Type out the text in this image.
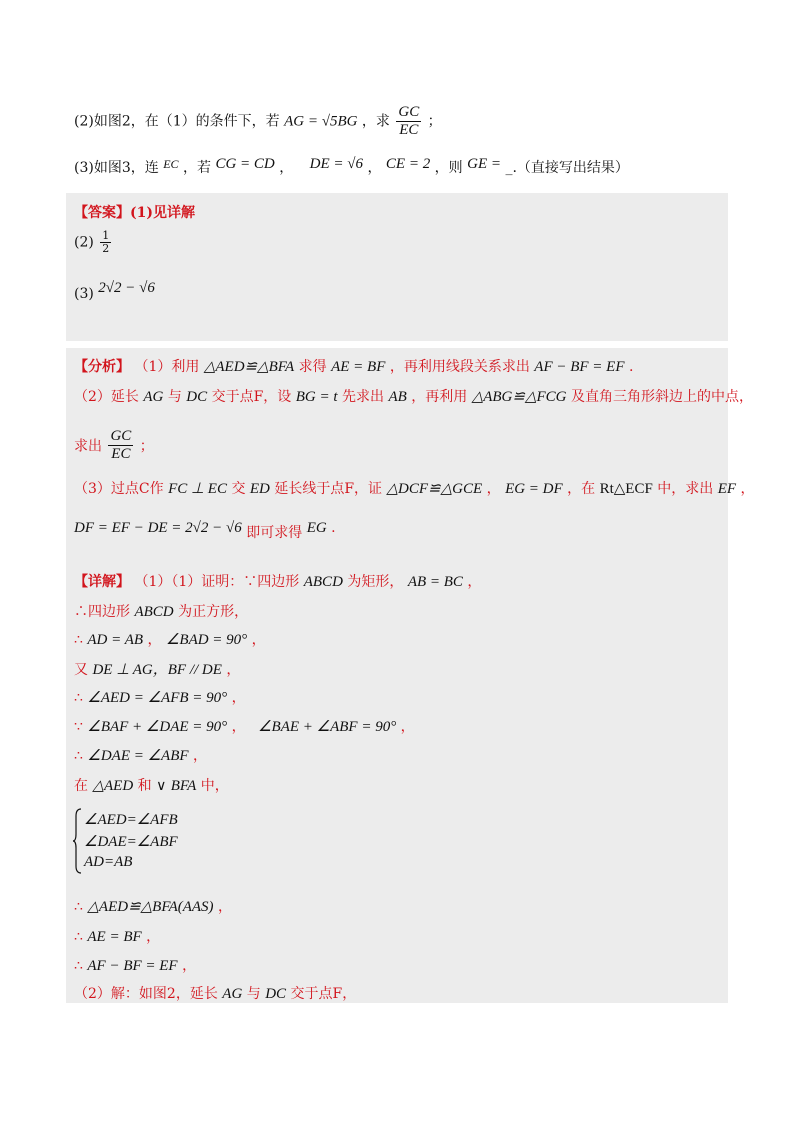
(2)如图2，在（1）的条件下，若 AG = √5BG ，求 $\frac{GC}{EC}$ ；
(3)如图3，连 EC ，若 CG = CD ， DE = √6 ， CE = 2 ，则 GE = _.（直接写出结果）
【答案】(1)见详解
$(2) \frac{1}{2}$
(3) 2√2 − √6
【分析】 （1）利用 △AED≌△BFA 求得 AE = BF ，再利用线段关系求出 AF − BF = EF .
（2）延长 AG 与 DC 交于点F，设 BG = t 先求出 AB ，再利用 △ABG≌△FCG 及直角三角形斜边上的中点，
求出 $\frac{GC}{EC}$ ；
（3）过点C作 FC ⊥ EC 交 ED 延长线于点F，证 △DCF≌△GCE ， EG = DF ，在 Rt△ECF 中，求出 EF ，
DF = EF − DE = 2√2 − √6 即可求得 EG .
【详解】 （1）（1）证明：∵四边形 ABCD 为矩形， AB = BC ，
∴四边形 ABCD 为正方形，
∴ AD = AB ， ∠BAD = 90° ，
又 DE ⊥ AG，BF // DE ，
∴ ∠AED = ∠AFB = 90° ，
∵ ∠BAF + ∠DAE = 90° ， ∠BAE + ∠ABF = 90° ，
∴ ∠DAE = ∠ABF ，
在 △AED 和 ∨ BFA 中，
∠AED=∠AFB
∠DAE=∠ABF
AD=AB
∴ △AED≌△BFA(AAS) ，
∴ AE = BF ，
∴ AF − BF = EF ，
（2）解：如图2，延长 AG 与 DC 交于点F，
